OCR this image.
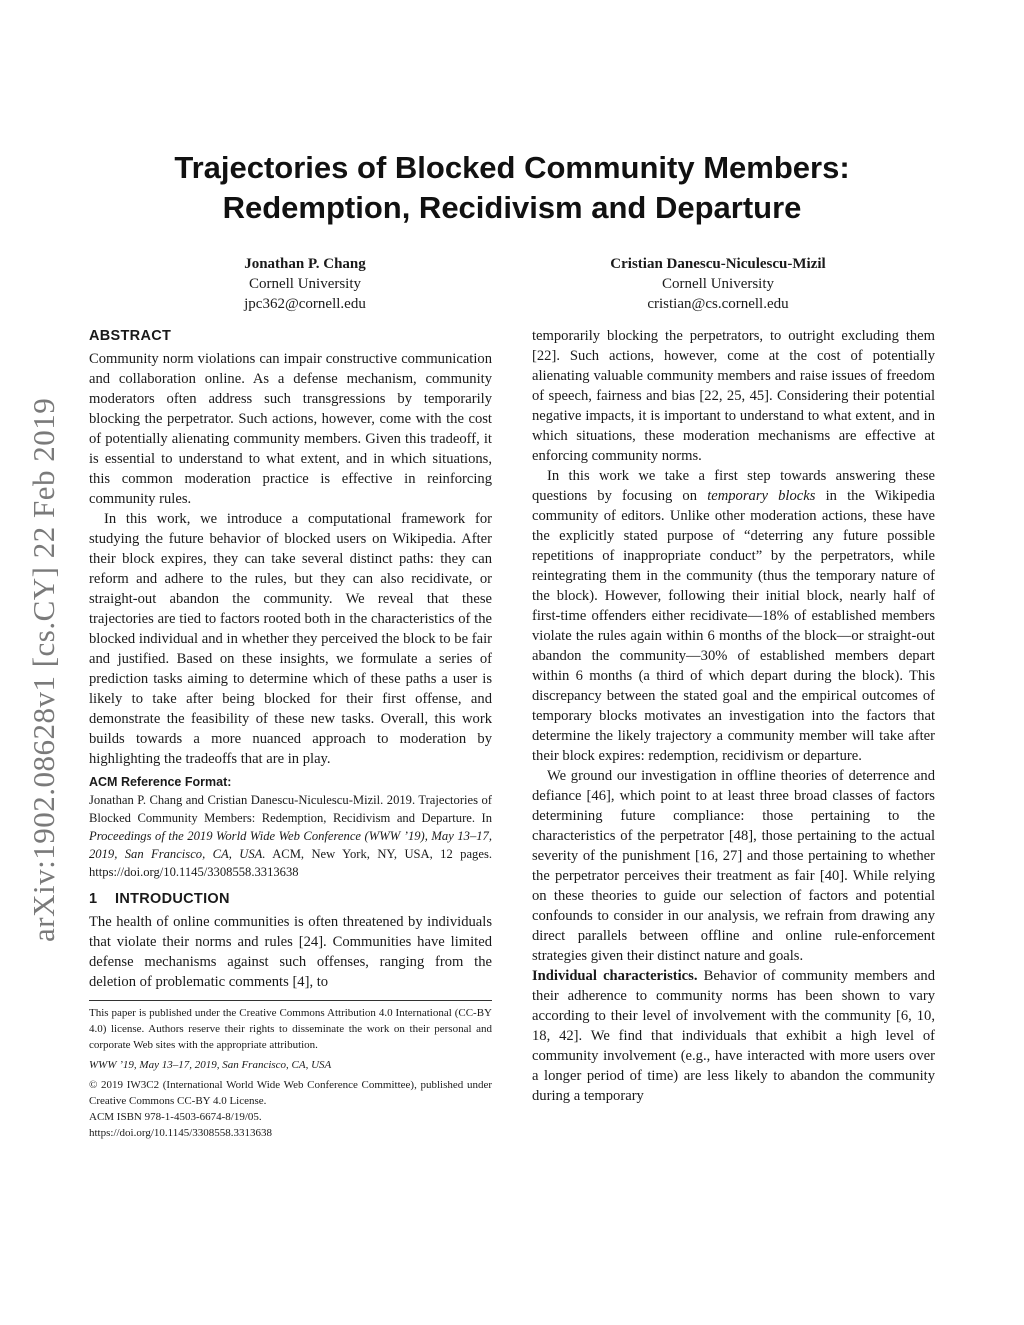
Trajectories of Blocked Community Members:
Redemption, Recidivism and Departure
Jonathan P. Chang
Cornell University
jpc362@cornell.edu
Cristian Danescu-Niculescu-Mizil
Cornell University
cristian@cs.cornell.edu
arXiv:1902.08628v1 [cs.CY] 22 Feb 2019
ABSTRACT

Community norm violations can impair constructive communication and collaboration online. As a defense mechanism, community moderators often address such transgressions by temporarily blocking the perpetrator. Such actions, however, come with the cost of potentially alienating community members. Given this tradeoff, it is essential to understand to what extent, and in which situations, this common moderation practice is effective in reinforcing community rules.

In this work, we introduce a computational framework for studying the future behavior of blocked users on Wikipedia. After their block expires, they can take several distinct paths: they can reform and adhere to the rules, but they can also recidivate, or straight-out abandon the community. We reveal that these trajectories are tied to factors rooted both in the characteristics of the blocked individual and in whether they perceived the block to be fair and justified. Based on these insights, we formulate a series of prediction tasks aiming to determine which of these paths a user is likely to take after being blocked for their first offense, and demonstrate the feasibility of these new tasks. Overall, this work builds towards a more nuanced approach to moderation by highlighting the tradeoffs that are in play.

ACM Reference Format:

Jonathan P. Chang and Cristian Danescu-Niculescu-Mizil. 2019. Trajectories of Blocked Community Members: Redemption, Recidivism and Departure. In Proceedings of the 2019 World Wide Web Conference (WWW ’19), May 13–17, 2019, San Francisco, CA, USA. ACM, New York, NY, USA, 12 pages. https://doi.org/10.1145/3308558.3313638

1 INTRODUCTION

The health of online communities is often threatened by individuals that violate their norms and rules [24]. Communities have limited defense mechanisms against such offenses, ranging from the deletion of problematic comments [4], to

This paper is published under the Creative Commons Attribution 4.0 International (CC-BY 4.0) license. Authors reserve their rights to disseminate the work on their personal and corporate Web sites with the appropriate attribution.

WWW ’19, May 13–17, 2019, San Francisco, CA, USA

© 2019 IW3C2 (International World Wide Web Conference Committee), published under Creative Commons CC-BY 4.0 License.

ACM ISBN 978-1-4503-6674-8/19/05.

https://doi.org/10.1145/3308558.3313638

temporarily blocking the perpetrators, to outright excluding them [22]. Such actions, however, come at the cost of potentially alienating valuable community members and raise issues of freedom of speech, fairness and bias [22, 25, 45]. Considering their potential negative impacts, it is important to understand to what extent, and in which situations, these moderation mechanisms are effective at enforcing community norms.

In this work we take a first step towards answering these questions by focusing on temporary blocks in the Wikipedia community of editors. Unlike other moderation actions, these have the explicitly stated purpose of “deterring any future possible repetitions of inappropriate conduct” by the perpetrators, while reintegrating them in the community (thus the temporary nature of the block). However, following their initial block, nearly half of first-time offenders either recidivate—18% of established members violate the rules again within 6 months of the block—or straight-out abandon the community—30% of established members depart within 6 months (a third of which depart during the block). This discrepancy between the stated goal and the empirical outcomes of temporary blocks motivates an investigation into the factors that determine the likely trajectory a community member will take after their block expires: redemption, recidivism or departure.

We ground our investigation in offline theories of deterrence and defiance [46], which point to at least three broad classes of factors determining future compliance: those pertaining to the characteristics of the perpetrator [48], those pertaining to the actual severity of the punishment [16, 27] and those pertaining to whether the perpetrator perceives their treatment as fair [40]. While relying on these theories to guide our selection of factors and potential confounds to consider in our analysis, we refrain from drawing any direct parallels between offline and online rule-enforcement strategies given their distinct nature and goals.

Individual characteristics. Behavior of community members and their adherence to community norms has been shown to vary according to their level of involvement with the community [6, 10, 18, 42]. We find that individuals that exhibit a high level of community involvement (e.g., have interacted with more users over a longer period of time) are less likely to abandon the community during a temporary
